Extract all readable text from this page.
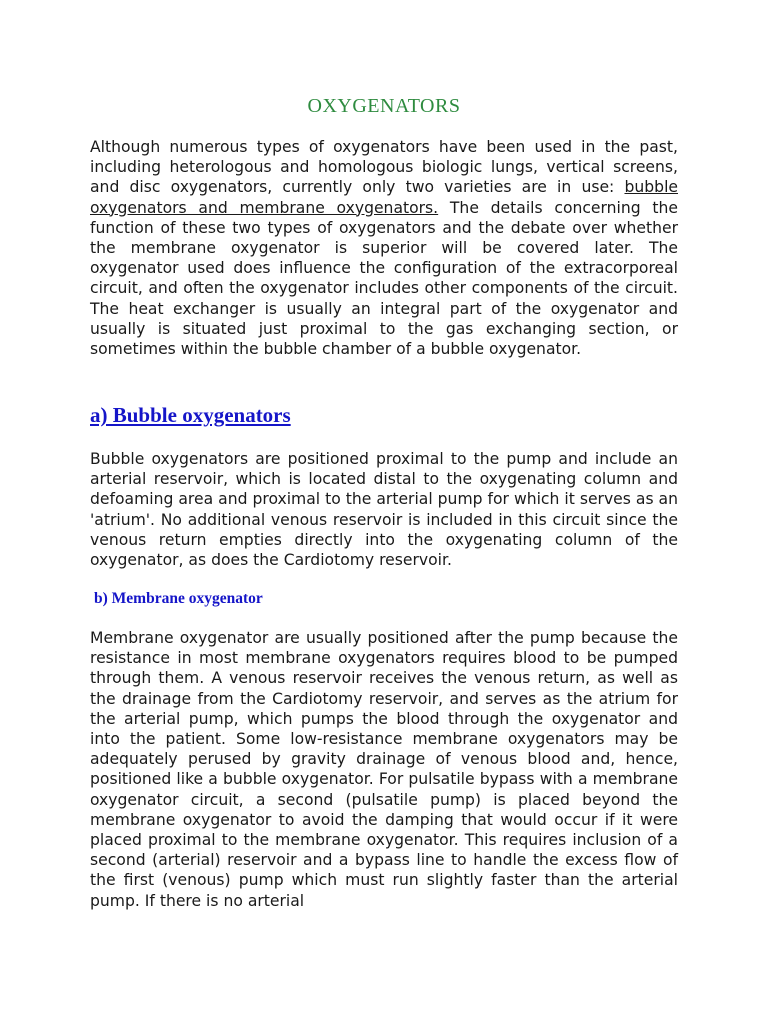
OXYGENATORS

Although numerous types of oxygenators have been used in the past, including heterologous and homologous biologic lungs, vertical screens, and disc oxygenators, currently only two varieties are in use: bubble oxygenators and membrane oxygenators. The details concerning the function of these two types of oxygenators and the debate over whether the membrane oxygenator is superior will be covered later. The oxygenator used does influence the configuration of the extracorporeal circuit, and often the oxygenator includes other components of the circuit. The heat exchanger is usually an integral part of the oxygenator and usually is situated just proximal to the gas exchanging section, or sometimes within the bubble chamber of a bubble oxygenator.

a) Bubble oxygenators

Bubble oxygenators are positioned proximal to the pump and include an arterial reservoir, which is located distal to the oxygenating column and defoaming area and proximal to the arterial pump for which it serves as an 'atrium'. No additional venous reservoir is included in this circuit since the venous return empties directly into the oxygenating column of the oxygenator, as does the Cardiotomy reservoir.

b) Membrane oxygenator

Membrane oxygenator are usually positioned after the pump because the resistance in most membrane oxygenators requires blood to be pumped through them. A venous reservoir receives the venous return, as well as the drainage from the Cardiotomy reservoir, and serves as the atrium for the arterial pump, which pumps the blood through the oxygenator and into the patient. Some low-resistance membrane oxygenators may be adequately perused by gravity drainage of venous blood and, hence, positioned like a bubble oxygenator. For pulsatile bypass with a membrane oxygenator circuit, a second (pulsatile pump) is placed beyond the membrane oxygenator to avoid the damping that would occur if it were placed proximal to the membrane oxygenator. This requires inclusion of a second (arterial) reservoir and a bypass line to handle the excess flow of the first (venous) pump which must run slightly faster than the arterial pump. If there is no arterial
